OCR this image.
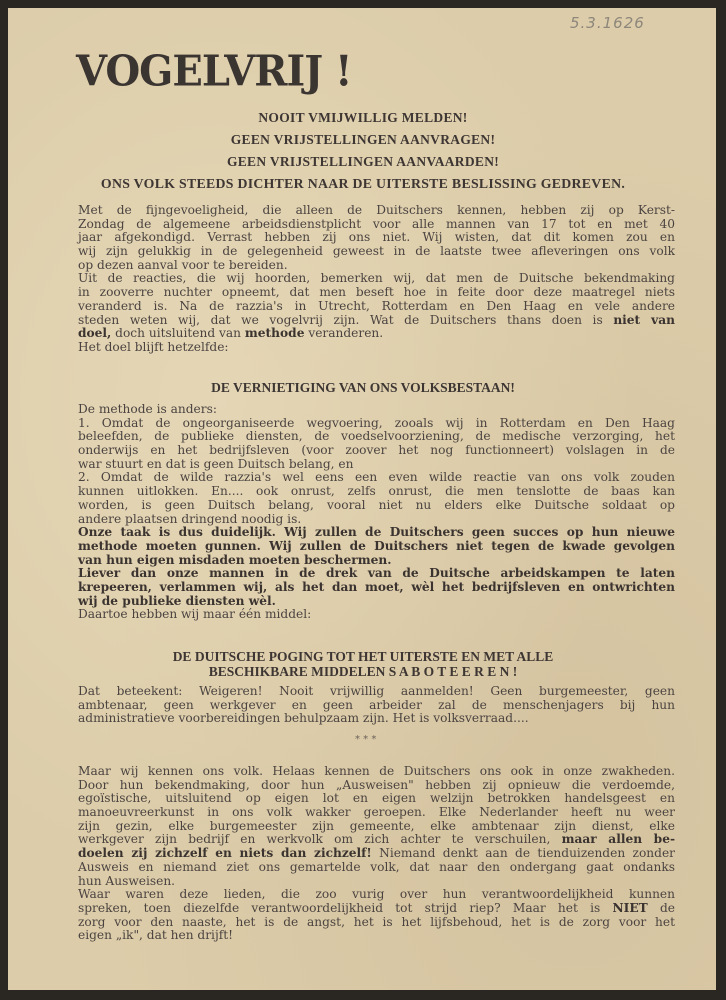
5.3.1626
VOGELVRIJ !
NOOIT VMIJWILLIG MELDEN!
GEEN VRIJSTELLINGEN AANVRAGEN!
GEEN VRIJSTELLINGEN AANVAARDEN!
ONS VOLK STEEDS DICHTER NAAR DE UITERSTE BESLISSING GEDREVEN.
Met de fijngevoeligheid, die alleen de Duitschers kennen, hebben zij op Kerst-
Zondag de algemeene arbeidsdienstplicht voor alle mannen van 17 tot en met 40
jaar afgekondigd. Verrast hebben zij ons niet. Wij wisten, dat dit komen zou en
wij zijn gelukkig in de gelegenheid geweest in de laatste twee afleveringen ons volk
op dezen aanval voor te bereiden.
Uit de reacties, die wij hoorden, bemerken wij, dat men de Duitsche bekendmaking
in zooverre nuchter opneemt, dat men beseft hoe in feite door deze maatregel niets
veranderd is. Na de razzia's in Utrecht, Rotterdam en Den Haag en vele andere
steden weten wij, dat we vogelvrij zijn. Wat de Duitschers thans doen is niet van
doel, doch uitsluitend van methode veranderen.
Het doel blijft hetzelfde:
DE VERNIETIGING VAN ONS VOLKSBESTAAN!
De methode is anders:
1. Omdat de ongeorganiseerde wegvoering, zooals wij in Rotterdam en Den Haag
beleefden, de publieke diensten, de voedselvoorziening, de medische verzorging, het
onderwijs en het bedrijfsleven (voor zoover het nog functionneert) volslagen in de
war stuurt en dat is geen Duitsch belang, en
2. Omdat de wilde razzia's wel eens een even wilde reactie van ons volk zouden
kunnen uitlokken. En.... ook onrust, zelfs onrust, die men tenslotte de baas kan
worden, is geen Duitsch belang, vooral niet nu elders elke Duitsche soldaat op
andere plaatsen dringend noodig is.
Onze taak is dus duidelijk. Wij zullen de Duitschers geen succes op hun nieuwe
methode moeten gunnen. Wij zullen de Duitschers niet tegen de kwade gevolgen
van hun eigen misdaden moeten beschermen.
Liever dan onze mannen in de drek van de Duitsche arbeidskampen te laten
krepeeren, verlammen wij, als het dan moet, wèl het bedrijfsleven en ontwrichten
wij de publieke diensten wèl.
Daartoe hebben wij maar één middel:
DE DUITSCHE POGING TOT HET UITERSTE EN MET ALLE
BESCHIKBARE MIDDELEN S A B O T E E R E N !
Dat beteekent: Weigeren! Nooit vrijwillig aanmelden! Geen burgemeester, geen
ambtenaar, geen werkgever en geen arbeider zal de menschenjagers bij hun
administratieve voorbereidingen behulpzaam zijn. Het is volksverraad....
* * *
Maar wij kennen ons volk. Helaas kennen de Duitschers ons ook in onze zwakheden.
Door hun bekendmaking, door hun „Ausweisen" hebben zij opnieuw die verdoemde,
egoïstische, uitsluitend op eigen lot en eigen welzijn betrokken handelsgeest en
manoeuvreerkunst in ons volk wakker geroepen. Elke Nederlander heeft nu weer
zijn gezin, elke burgemeester zijn gemeente, elke ambtenaar zijn dienst, elke
werkgever zijn bedrijf en werkvolk om zich achter te verschuilen, maar allen be-
doelen zij zichzelf en niets dan zichzelf! Niemand denkt aan de tienduizenden zonder
Ausweis en niemand ziet ons gemartelde volk, dat naar den ondergang gaat ondanks
hun Ausweisen.
Waar waren deze lieden, die zoo vurig over hun verantwoordelijkheid kunnen
spreken, toen diezelfde verantwoordelijkheid tot strijd riep? Maar het is NIET de
zorg voor den naaste, het is de angst, het is het lijfsbehoud, het is de zorg voor het
eigen „ik", dat hen drijft!
